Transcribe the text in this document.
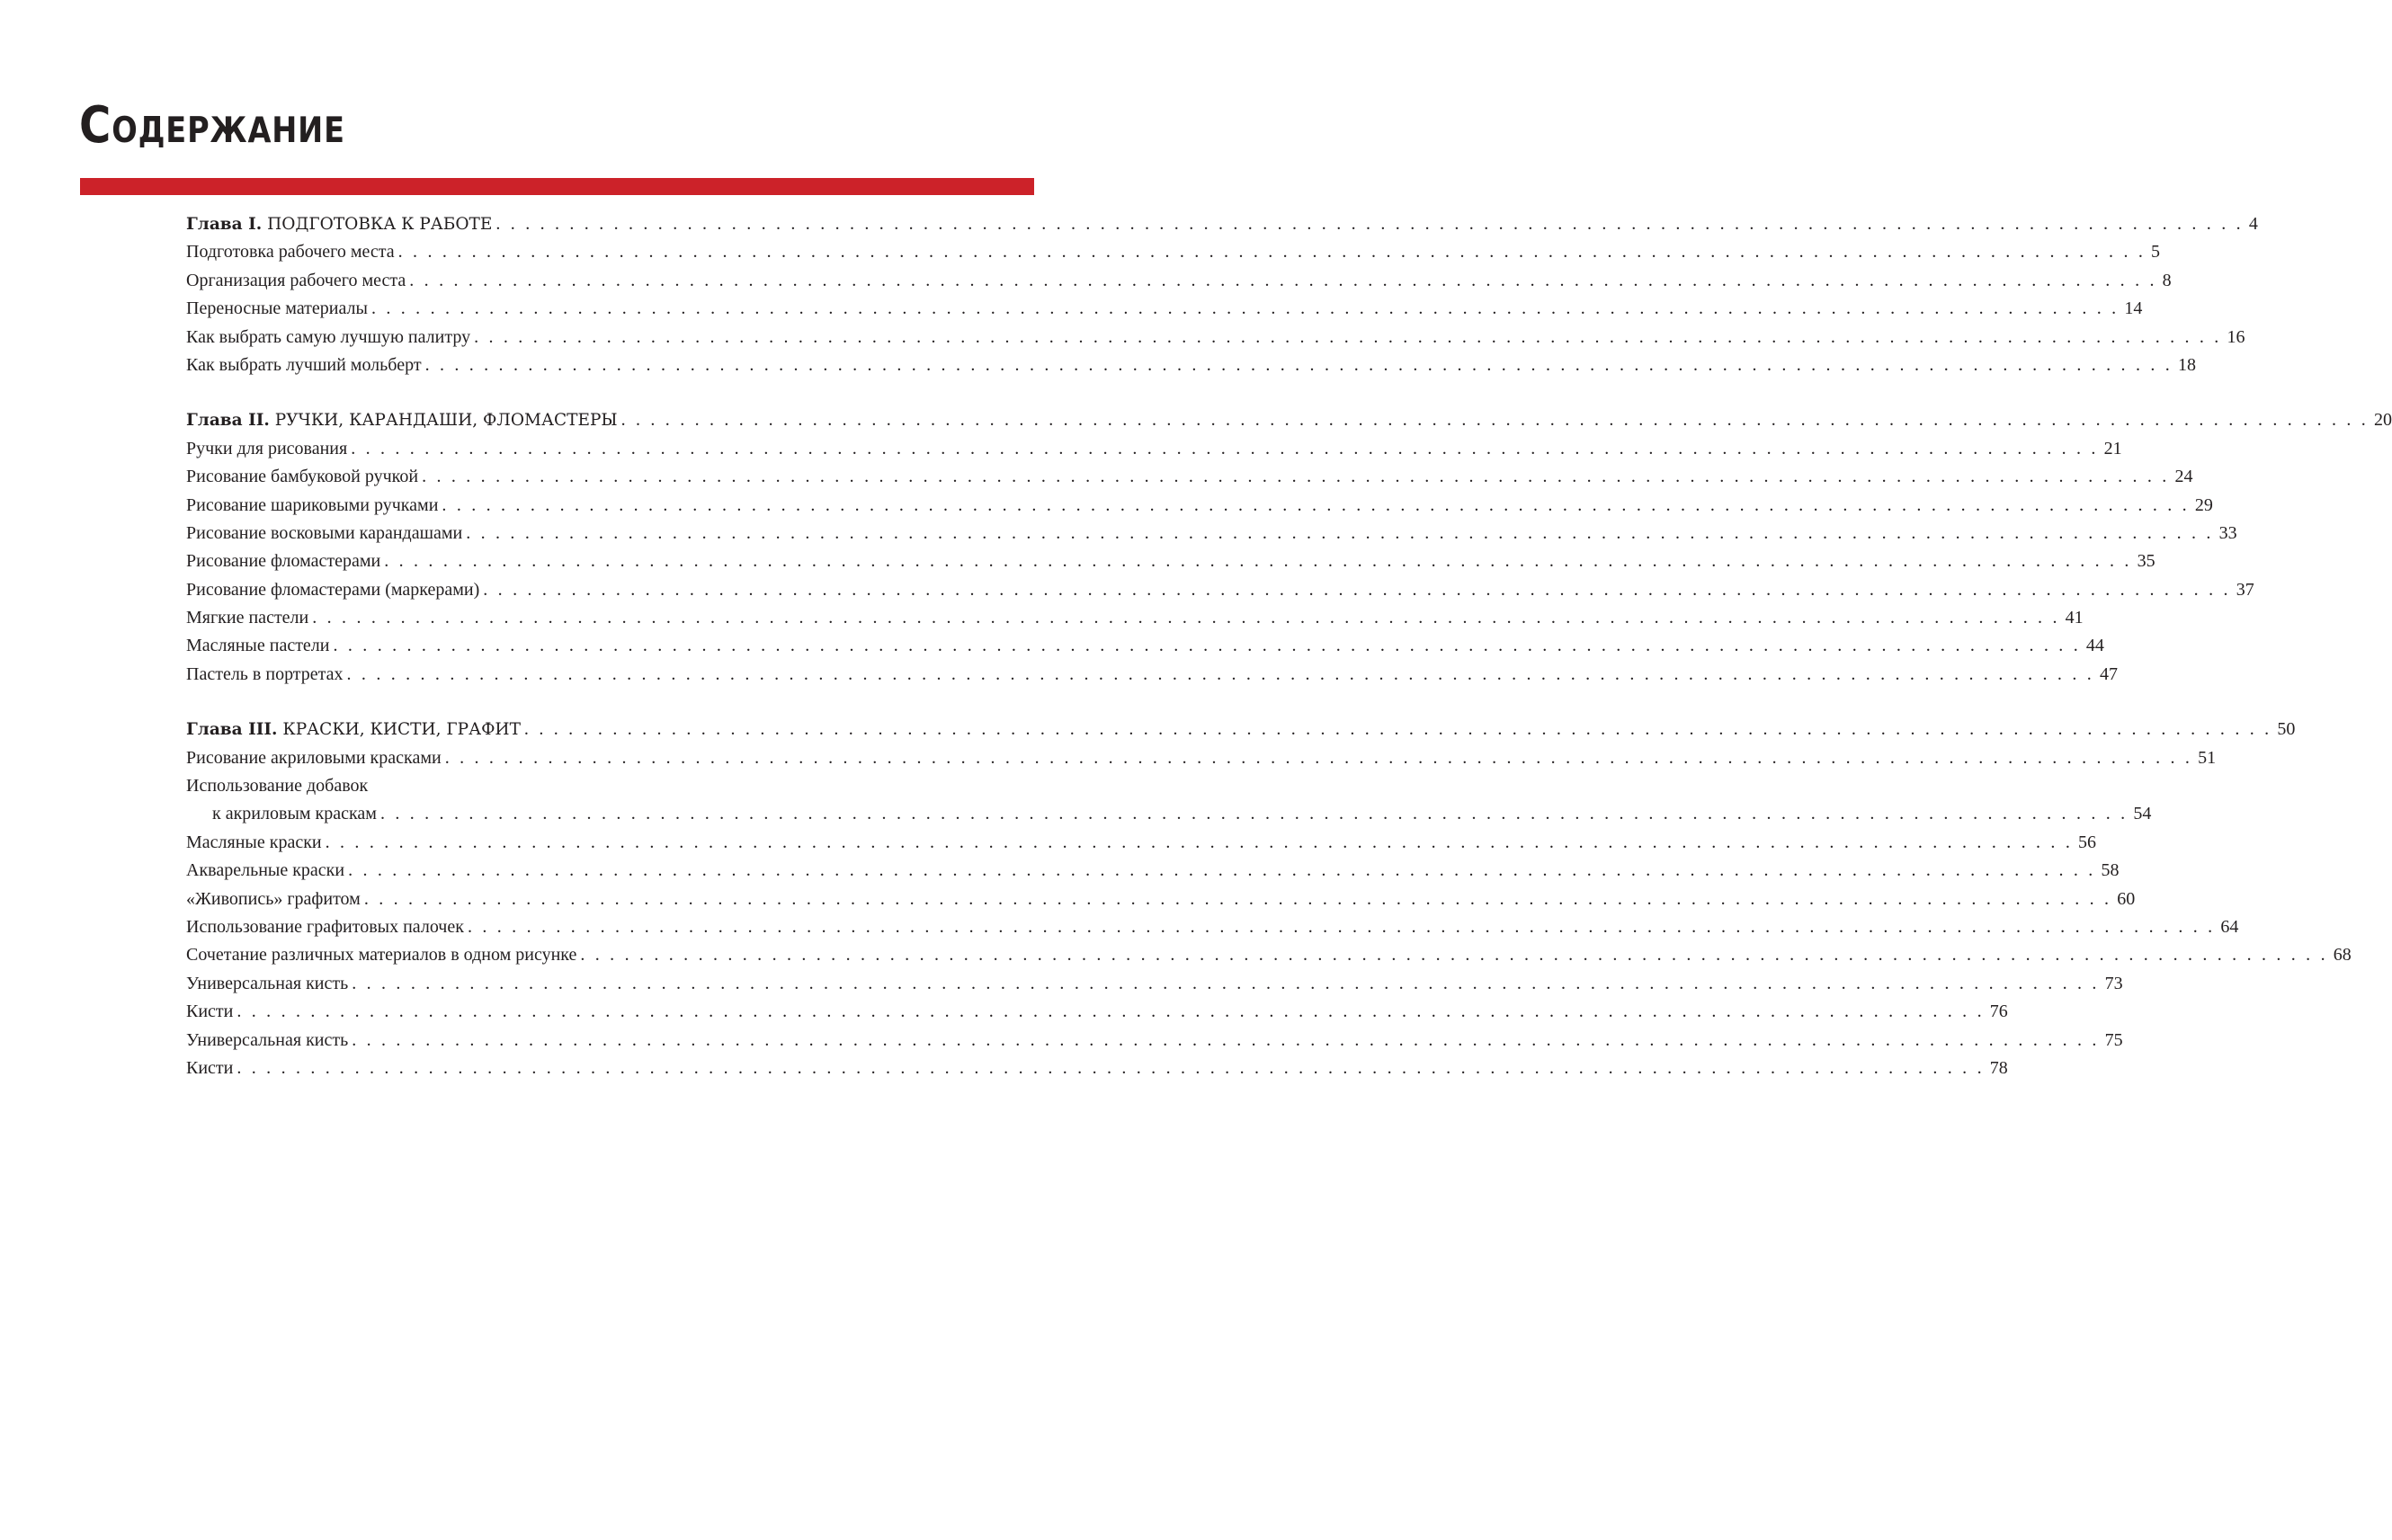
Содержание
Глава I. ПОДГОТОВКА К РАБОТЕ . . . . . . . . . . . . . . . . . . . . . . . . . . . . . . . . . . . . . . . . . . . . . . . . . . . . . . . . . . . . . . . . . . . . . . . . . . . . . . . . . . . . . . . . . . . . . . . . . . . . . . . . . . . . . . . . . . . . . . . 4
Подготовка рабочего места . . . . . . . . . . . . . . . . . . . . . . . . . . . . . . . . . . . . . . . . . . . . . . . . . . . . . . . . . . . . . . . . . . . . . . . . . . . . . . . . . . . . . . . . . . . . . . . . . . . . . . . . . . . . . . . . . . . . . . . 5
Организация рабочего места . . . . . . . . . . . . . . . . . . . . . . . . . . . . . . . . . . . . . . . . . . . . . . . . . . . . . . . . . . . . . . . . . . . . . . . . . . . . . . . . . . . . . . . . . . . . . . . . . . . . . . . . . . . . . . . . . . . . . . . 8
Переносные материалы . . . . . . . . . . . . . . . . . . . . . . . . . . . . . . . . . . . . . . . . . . . . . . . . . . . . . . . . . . . . . . . . . . . . . . . . . . . . . . . . . . . . . . . . . . . . . . . . . . . . . . . . . . . . . . . . . . . . . . . 14
Как выбрать самую лучшую палитру . . . . . . . . . . . . . . . . . . . . . . . . . . . . . . . . . . . . . . . . . . . . . . . . . . . . . . . . . . . . . . . . . . . . . . . . . . . . . . . . . . . . . . . . . . . . . . . . . . . . . . . . . . . . . . . . . . . . . . . 16
Как выбрать лучший мольберт . . . . . . . . . . . . . . . . . . . . . . . . . . . . . . . . . . . . . . . . . . . . . . . . . . . . . . . . . . . . . . . . . . . . . . . . . . . . . . . . . . . . . . . . . . . . . . . . . . . . . . . . . . . . . . . . . . . . . . . 18
Глава II. РУЧКИ, КАРАНДАШИ, ФЛОМАСТЕРЫ . . . . . . . . . . . . . . . . . . . . . . . . . . . . . . . . . . . . . . . . . . . . . . . . . . . . . . . . . . . . . . . . . . . . . . . . . . . . . . . . . . . . . . . . . . . . . . . . . . . . . . . . . . . . . . . . . . . . . . . 20
Ручки для рисования . . . . . . . . . . . . . . . . . . . . . . . . . . . . . . . . . . . . . . . . . . . . . . . . . . . . . . . . . . . . . . . . . . . . . . . . . . . . . . . . . . . . . . . . . . . . . . . . . . . . . . . . . . . . . . . . . . . . . . . 21
Рисование бамбуковой ручкой . . . . . . . . . . . . . . . . . . . . . . . . . . . . . . . . . . . . . . . . . . . . . . . . . . . . . . . . . . . . . . . . . . . . . . . . . . . . . . . . . . . . . . . . . . . . . . . . . . . . . . . . . . . . . . . . . . . . . . . 24
Рисование шариковыми ручками . . . . . . . . . . . . . . . . . . . . . . . . . . . . . . . . . . . . . . . . . . . . . . . . . . . . . . . . . . . . . . . . . . . . . . . . . . . . . . . . . . . . . . . . . . . . . . . . . . . . . . . . . . . . . . . . . . . . . . . 29
Рисование восковыми карандашами . . . . . . . . . . . . . . . . . . . . . . . . . . . . . . . . . . . . . . . . . . . . . . . . . . . . . . . . . . . . . . . . . . . . . . . . . . . . . . . . . . . . . . . . . . . . . . . . . . . . . . . . . . . . . . . . . . . . . . . 33
Рисование фломастерами . . . . . . . . . . . . . . . . . . . . . . . . . . . . . . . . . . . . . . . . . . . . . . . . . . . . . . . . . . . . . . . . . . . . . . . . . . . . . . . . . . . . . . . . . . . . . . . . . . . . . . . . . . . . . . . . . . . . . . . 35
Рисование фломастерами (маркерами) . . . . . . . . . . . . . . . . . . . . . . . . . . . . . . . . . . . . . . . . . . . . . . . . . . . . . . . . . . . . . . . . . . . . . . . . . . . . . . . . . . . . . . . . . . . . . . . . . . . . . . . . . . . . . . . . . . . . . . . 37
Мягкие пастели . . . . . . . . . . . . . . . . . . . . . . . . . . . . . . . . . . . . . . . . . . . . . . . . . . . . . . . . . . . . . . . . . . . . . . . . . . . . . . . . . . . . . . . . . . . . . . . . . . . . . . . . . . . . . . . . . . . . . . . 41
Масляные пастели . . . . . . . . . . . . . . . . . . . . . . . . . . . . . . . . . . . . . . . . . . . . . . . . . . . . . . . . . . . . . . . . . . . . . . . . . . . . . . . . . . . . . . . . . . . . . . . . . . . . . . . . . . . . . . . . . . . . . . . 44
Пастель в портретах . . . . . . . . . . . . . . . . . . . . . . . . . . . . . . . . . . . . . . . . . . . . . . . . . . . . . . . . . . . . . . . . . . . . . . . . . . . . . . . . . . . . . . . . . . . . . . . . . . . . . . . . . . . . . . . . . . . . . . . 47
Глава III. КРАСКИ, КИСТИ, ГРАФИТ . . . . . . . . . . . . . . . . . . . . . . . . . . . . . . . . . . . . . . . . . . . . . . . . . . . . . . . . . . . . . . . . . . . . . . . . . . . . . . . . . . . . . . . . . . . . . . . . . . . . . . . . . . . . . . . . . . . . . . . 50
Рисование акриловыми красками . . . . . . . . . . . . . . . . . . . . . . . . . . . . . . . . . . . . . . . . . . . . . . . . . . . . . . . . . . . . . . . . . . . . . . . . . . . . . . . . . . . . . . . . . . . . . . . . . . . . . . . . . . . . . . . . . . . . . . . 51
Использование добавок
к акриловым краскам . . . . . . . . . . . . . . . . . . . . . . . . . . . . . . . . . . . . . . . . . . . . . . . . . . . . . . . . . . . . . . . . . . . . . . . . . . . . . . . . . . . . . . . . . . . . . . . . . . . . . . . . . . . . . . . . . . . . . . . 54
Масляные краски . . . . . . . . . . . . . . . . . . . . . . . . . . . . . . . . . . . . . . . . . . . . . . . . . . . . . . . . . . . . . . . . . . . . . . . . . . . . . . . . . . . . . . . . . . . . . . . . . . . . . . . . . . . . . . . . . . . . . . . 56
Акварельные краски . . . . . . . . . . . . . . . . . . . . . . . . . . . . . . . . . . . . . . . . . . . . . . . . . . . . . . . . . . . . . . . . . . . . . . . . . . . . . . . . . . . . . . . . . . . . . . . . . . . . . . . . . . . . . . . . . . . . . . . 58
«Живопись» графитом . . . . . . . . . . . . . . . . . . . . . . . . . . . . . . . . . . . . . . . . . . . . . . . . . . . . . . . . . . . . . . . . . . . . . . . . . . . . . . . . . . . . . . . . . . . . . . . . . . . . . . . . . . . . . . . . . . . . . . . 60
Использование графитовых палочек . . . . . . . . . . . . . . . . . . . . . . . . . . . . . . . . . . . . . . . . . . . . . . . . . . . . . . . . . . . . . . . . . . . . . . . . . . . . . . . . . . . . . . . . . . . . . . . . . . . . . . . . . . . . . . . . . . . . . . . 64
Сочетание различных материалов в одном рисунке . . . . . . . . . . . . . . . . . . . . . . . . . . . . . . . . . . . . . . . . . . . . . . . . . . . . . . . . . . . . . . . . . . . . . . . . . . . . . . . . . . . . . . . . . . . . . . . . . . . . . . . . . . . . . . . . . . . . . . . 68
Универсальная кисть . . . . . . . . . . . . . . . . . . . . . . . . . . . . . . . . . . . . . . . . . . . . . . . . . . . . . . . . . . . . . . . . . . . . . . . . . . . . . . . . . . . . . . . . . . . . . . . . . . . . . . . . . . . . . . . . . . . . . . . 73
Кисти . . . . . . . . . . . . . . . . . . . . . . . . . . . . . . . . . . . . . . . . . . . . . . . . . . . . . . . . . . . . . . . . . . . . . . . . . . . . . . . . . . . . . . . . . . . . . . . . . . . . . . . . . . . . . . . . . . . . . . . 76
Универсальная кисть . . . . . . . . . . . . . . . . . . . . . . . . . . . . . . . . . . . . . . . . . . . . . . . . . . . . . . . . . . . . . . . . . . . . . . . . . . . . . . . . . . . . . . . . . . . . . . . . . . . . . . . . . . . . . . . . . . . . . . . 75
Кисти . . . . . . . . . . . . . . . . . . . . . . . . . . . . . . . . . . . . . . . . . . . . . . . . . . . . . . . . . . . . . . . . . . . . . . . . . . . . . . . . . . . . . . . . . . . . . . . . . . . . . . . . . . . . . . . . . . . . . . . 78
